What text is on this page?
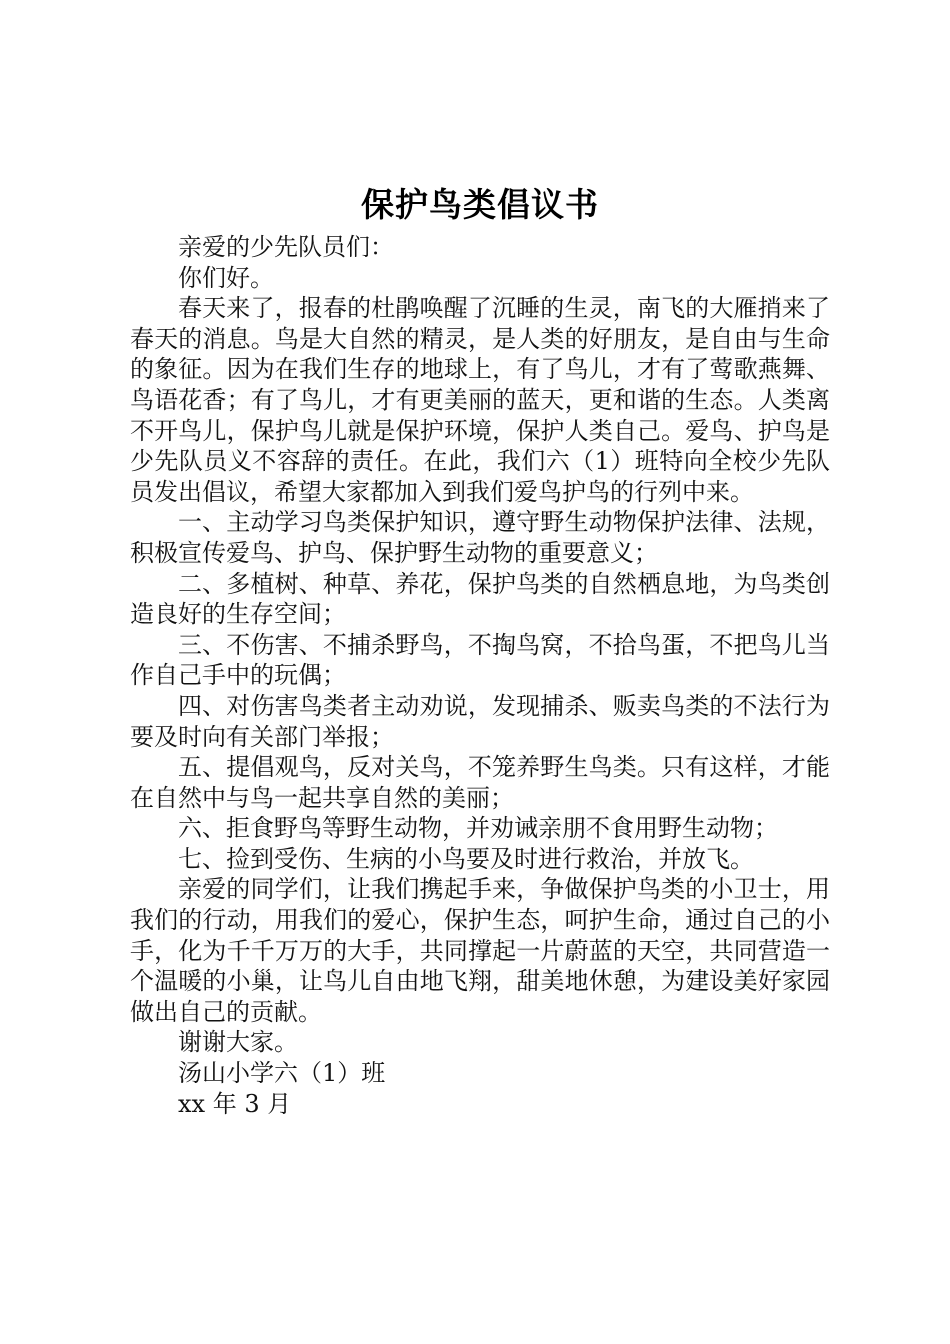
保护鸟类倡议书

亲爱的少先队员们：

你们好。

春天来了，报春的杜鹃唤醒了沉睡的生灵，南飞的大雁捎来了春天的消息。鸟是大自然的精灵，是人类的好朋友，是自由与生命的象征。因为在我们生存的地球上，有了鸟儿，才有了莺歌燕舞、鸟语花香；有了鸟儿，才有更美丽的蓝天，更和谐的生态。人类离不开鸟儿，保护鸟儿就是保护环境，保护人类自己。爱鸟、护鸟是少先队员义不容辞的责任。在此，我们六（1）班特向全校少先队员发出倡议，希望大家都加入到我们爱鸟护鸟的行列中来。

一、主动学习鸟类保护知识，遵守野生动物保护法律、法规，积极宣传爱鸟、护鸟、保护野生动物的重要意义；

二、多植树、种草、养花，保护鸟类的自然栖息地，为鸟类创造良好的生存空间；

三、不伤害、不捕杀野鸟，不掏鸟窝，不拾鸟蛋，不把鸟儿当作自己手中的玩偶；

四、对伤害鸟类者主动劝说，发现捕杀、贩卖鸟类的不法行为要及时向有关部门举报；

五、提倡观鸟，反对关鸟，不笼养野生鸟类。只有这样，才能在自然中与鸟一起共享自然的美丽；

六、拒食野鸟等野生动物，并劝诫亲朋不食用野生动物；

七、捡到受伤、生病的小鸟要及时进行救治，并放飞。

亲爱的同学们，让我们携起手来，争做保护鸟类的小卫士，用我们的行动，用我们的爱心，保护生态，呵护生命，通过自己的小手，化为千千万万的大手，共同撑起一片蔚蓝的天空，共同营造一个温暖的小巢，让鸟儿自由地飞翔，甜美地休憩，为建设美好家园做出自己的贡献。

谢谢大家。

汤山小学六（1）班

xx 年 3 月
